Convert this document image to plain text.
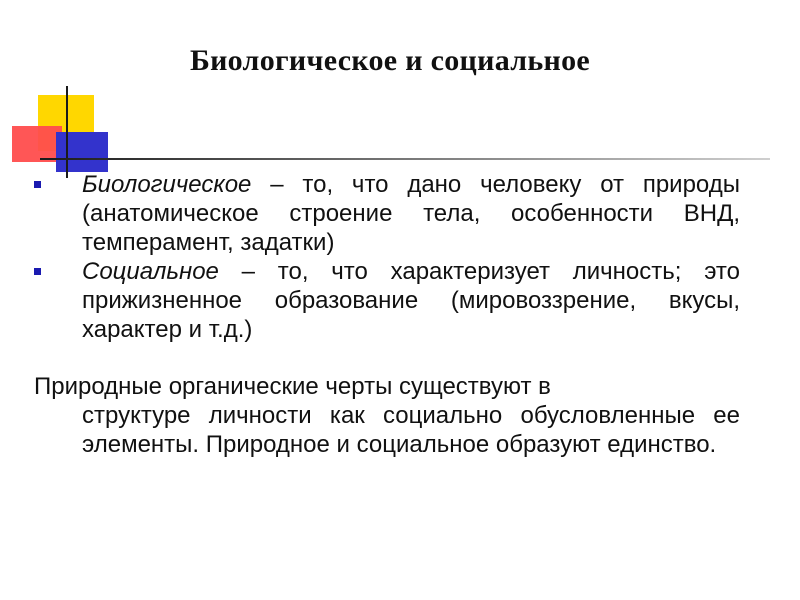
Биологическое и социальное
Биологическое – то, что дано человеку от природы (анатомическое строение тела, особенности ВНД, темперамент, задатки)
Социальное – то, что характеризует личность; это прижизненное образование (мировоззрение, вкусы, характер и т.д.)
Природные органические черты существуют в
структуре личности как социально обусловленные ее элементы. Природное и социальное образуют единство.
